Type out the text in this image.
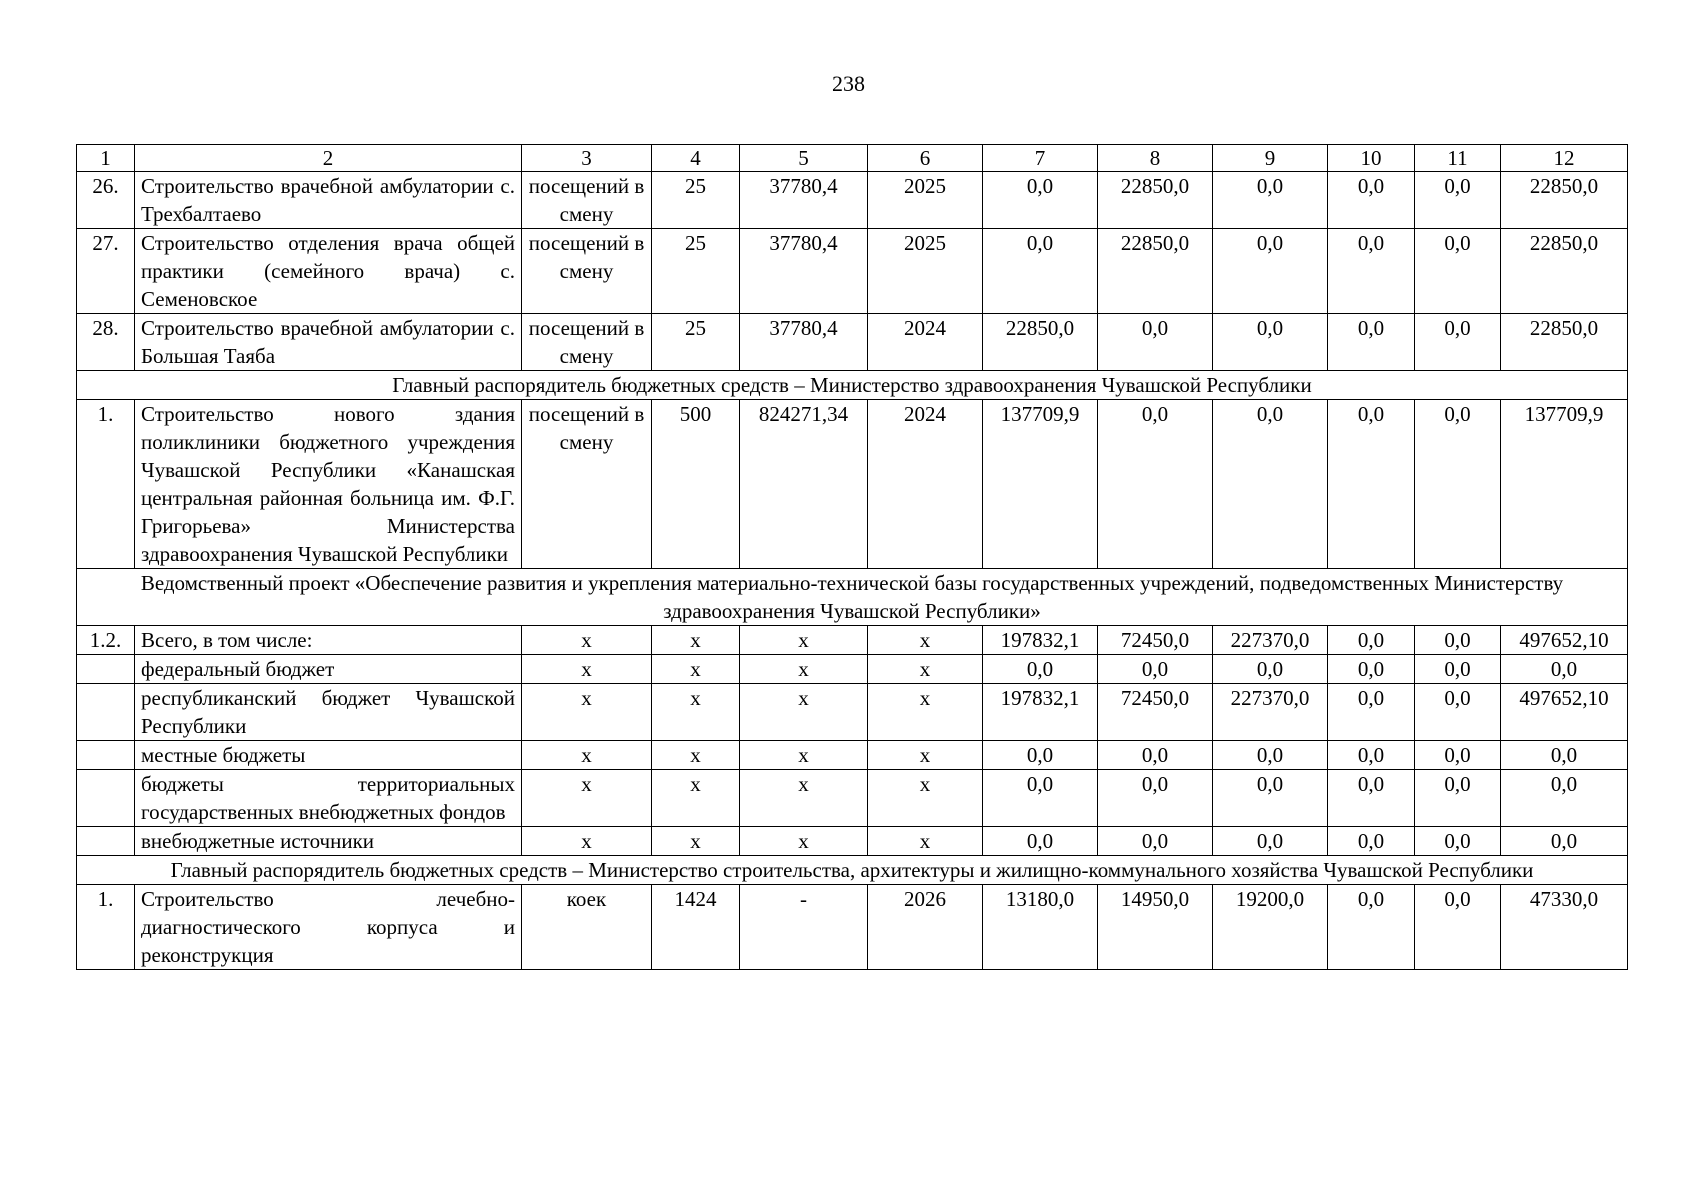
238
1	2	3	4	5	6	7	8	9	10	11	12
26.	Строительство врачебной амбулатории с. Трехбалтаево	посещений в смену	25	37780,4	2025	0,0	22850,0	0,0	0,0	0,0	22850,0
27.	Строительство отделения врача общей практики (семейного врача) с. Семеновское	посещений в смену	25	37780,4	2025	0,0	22850,0	0,0	0,0	0,0	22850,0
28.	Строительство врачебной амбулатории с. Большая Таяба	посещений в смену	25	37780,4	2024	22850,0	0,0	0,0	0,0	0,0	22850,0
Главный распорядитель бюджетных средств – Министерство здравоохранения Чувашской Республики											
1.	Строительство нового здания поликлиники бюджетного учреждения Чувашской Республики «Канашская центральная районная больница им. Ф.Г. Григорьева» Министерства здравоохранения Чувашской Республики	посещений в смену	500	824271,34	2024	137709,9	0,0	0,0	0,0	0,0	137709,9
Ведомственный проект «Обеспечение развития и укрепления материально-технической базы государственных учреждений, подведомственных Министерству здравоохранения Чувашской Республики»											
1.2.	Всего, в том числе:	х	х	х	х	197832,1	72450,0	227370,0	0,0	0,0	497652,10
	федеральный бюджет	х	х	х	х	0,0	0,0	0,0	0,0	0,0	0,0
	республиканский бюджет Чувашской Республики	х	х	х	х	197832,1	72450,0	227370,0	0,0	0,0	497652,10
	местные бюджеты	х	х	х	х	0,0	0,0	0,0	0,0	0,0	0,0
	бюджеты территориальных государственных внебюджетных фондов	х	х	х	х	0,0	0,0	0,0	0,0	0,0	0,0
	внебюджетные источники	х	х	х	х	0,0	0,0	0,0	0,0	0,0	0,0
Главный распорядитель бюджетных средств – Министерство строительства, архитектуры и жилищно-коммунального хозяйства Чувашской Республики											
1.	Строительство лечебно-диагностического корпуса и реконструкция	коек	1424	-	2026	13180,0	14950,0	19200,0	0,0	0,0	47330,0
